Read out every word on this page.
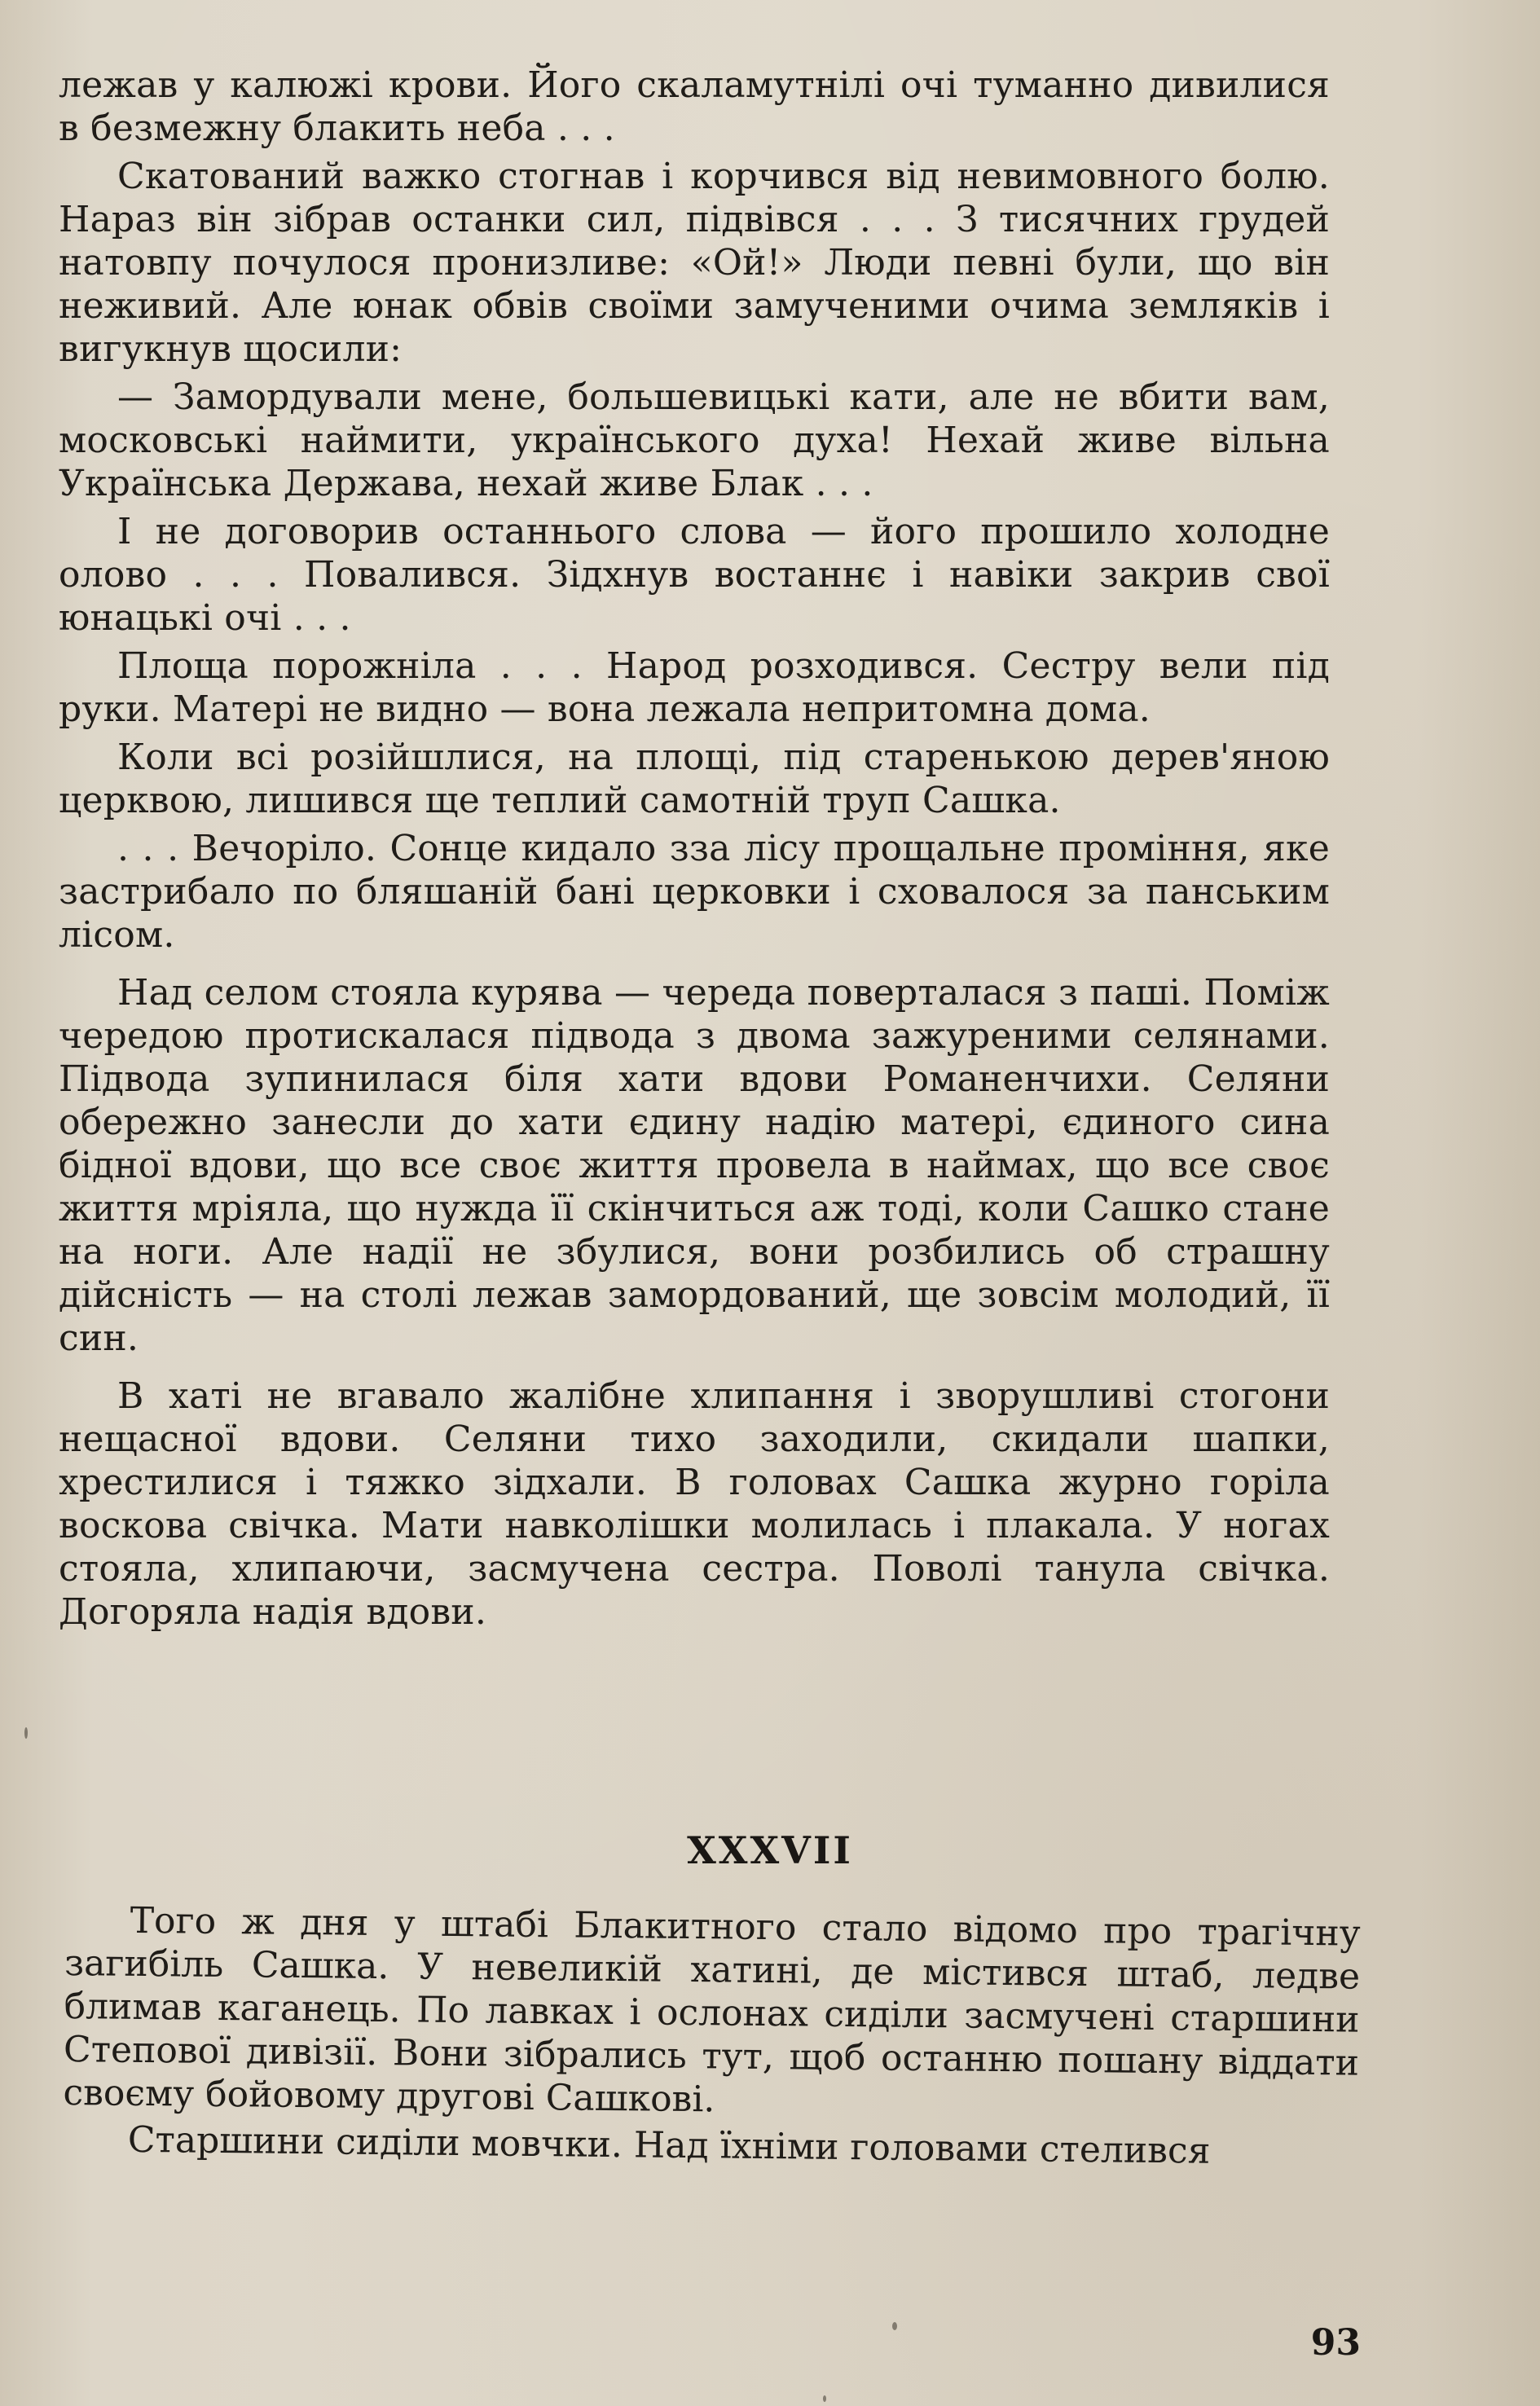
лежав у калюжі крови. Його скаламутнілі очі туманно дивилися в безмежну блакить неба . . .

Скатований важко стогнав і корчився від невимовного болю. Нараз він зібрав останки сил, підвівся . . . З тисячних грудей натовпу почулося пронизливе: «Ой!» Люди певні були, що він неживий. Але юнак обвів своїми замученими очима земляків і вигукнув щосили:

— Замордували мене, большевицькі кати, але не вбити вам, московські наймити, українського духа! Нехай живе вільна Українська Держава, нехай живе Блак . . .

І не договорив останнього слова — його прошило холодне олово . . . Повалився. Зідхнув востаннє і навіки закрив свої юнацькі очі . . .

Площа порожніла . . . Народ розходився. Сестру вели під руки. Матері не видно — вона лежала непритомна дома.

Коли всі розійшлися, на площі, під старенькою дерев'яною церквою, лишився ще теплий самотній труп Сашка.

. . . Вечоріло. Сонце кидало зза лісу прощальне проміння, яке застрибало по бляшаній бані церковки і сховалося за панським лісом.

Над селом стояла курява — череда поверталася з паші. Поміж чередою протискалася підвода з двома зажуреними селянами. Підвода зупинилася біля хати вдови Романенчихи. Селяни обережно занесли до хати єдину надію матері, єдиного сина бідної вдови, що все своє життя провела в наймах, що все своє життя мріяла, що нужда її скінчиться аж тоді, коли Сашко стане на ноги. Але надії не збулися, вони розбились об страшну дійсність — на столі лежав замордований, ще зовсім молодий, її син.

В хаті не вгавало жалібне хлипання і зворушливі стогони нещасної вдови. Селяни тихо заходили, скидали шапки, хрестилися і тяжко зідхали. В головах Сашка журно горіла воскова свічка. Мати навколішки молилась і плакала. У ногах стояла, хлипаючи, засмучена сестра. Поволі танула свічка. Догоряла надія вдови.

XXXVII

Того ж дня у штабі Блакитного стало відомо про трагічну загибіль Сашка. У невеликій хатині, де містився штаб, ледве блимав каганець. По лавках і ослонах сиділи засмучені старшини Степової дивізії. Вони зібрались тут, щоб останню пошану віддати своєму бойовому другові Сашкові.

Старшини сиділи мовчки. Над їхніми головами стелився

93
